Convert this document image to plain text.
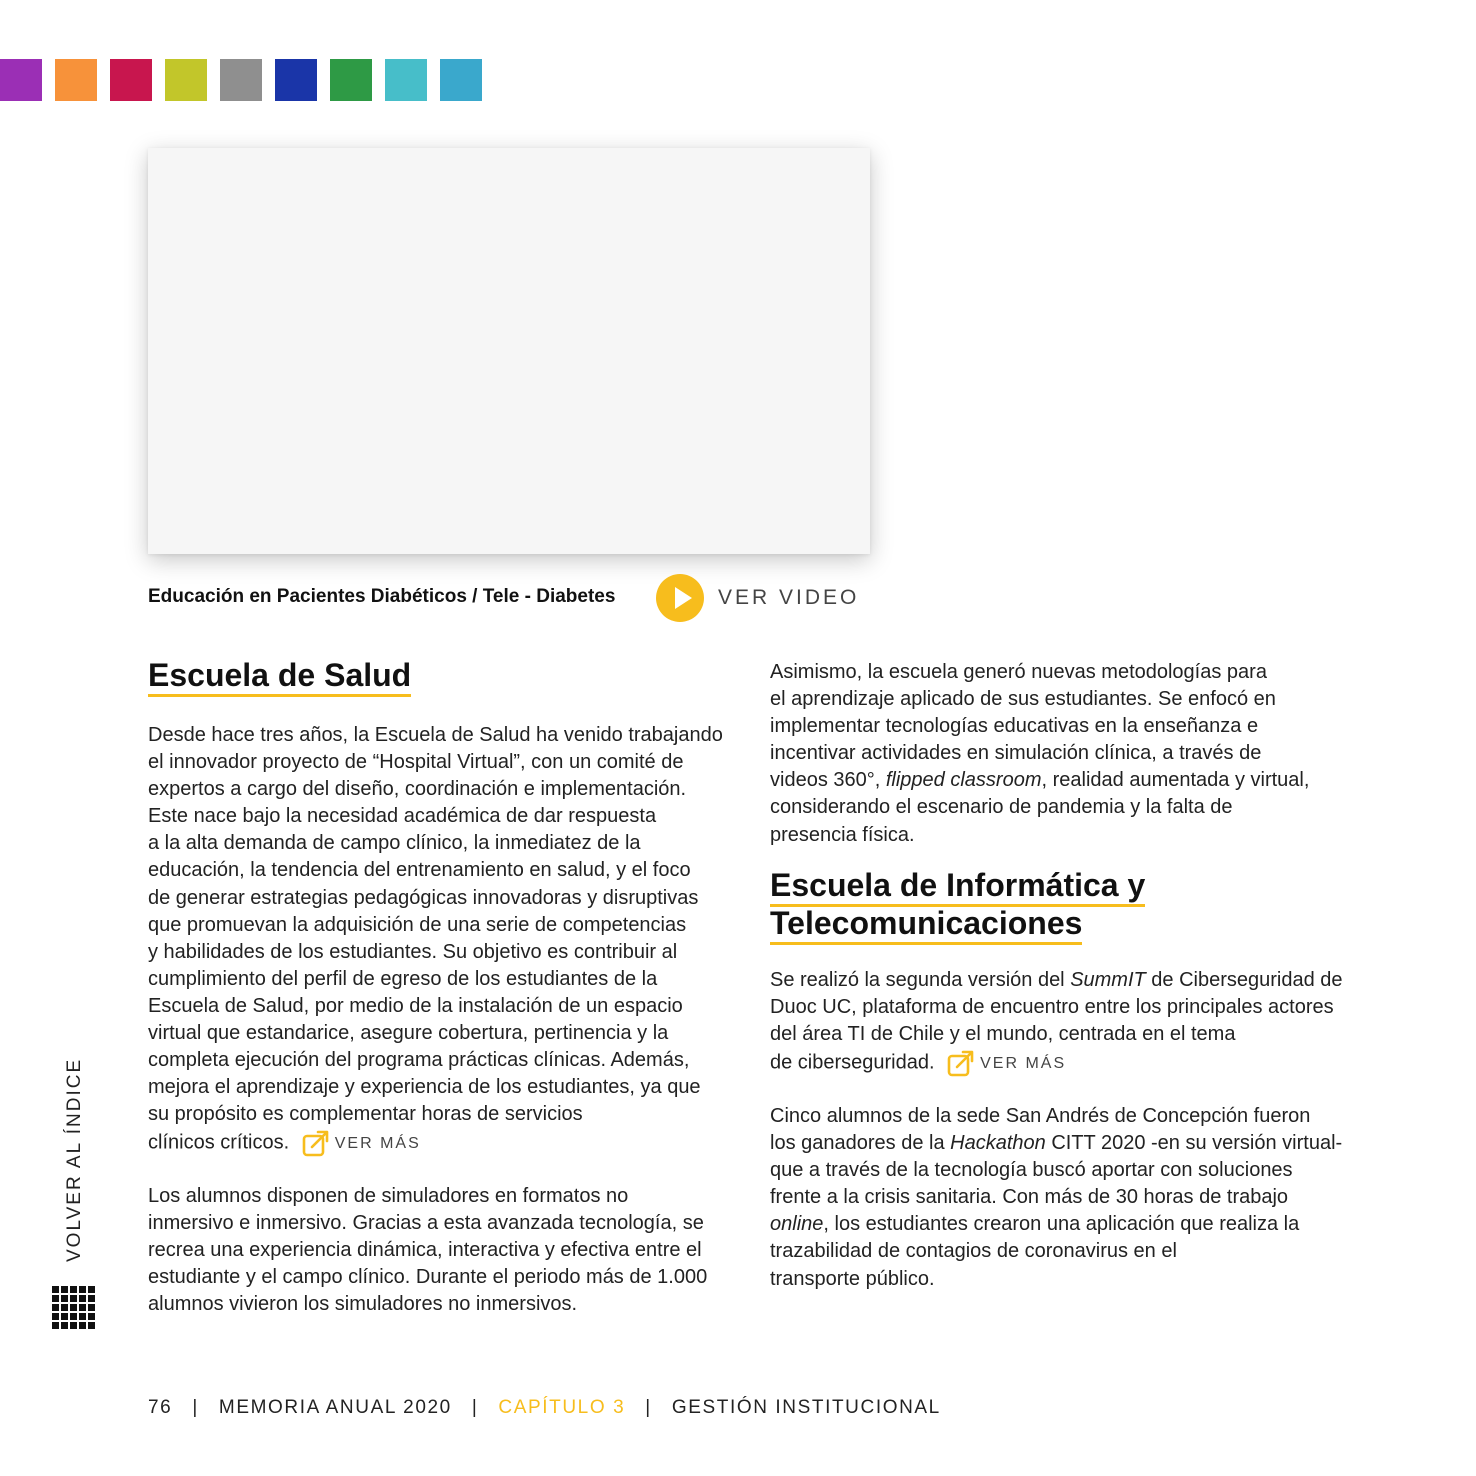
Educación en Pacientes Diabéticos / Tele - Diabetes	VER VIDEO
Escuela de Salud

Desde hace tres años, la Escuela de Salud ha venido trabajando
el innovador proyecto de “Hospital Virtual”, con un comité de
expertos a cargo del diseño, coordinación e implementación.
Este nace bajo la necesidad académica de dar respuesta
a la alta demanda de campo clínico, la inmediatez de la
educación, la tendencia del entrenamiento en salud, y el foco
de generar estrategias pedagógicas innovadoras y disruptivas
que promuevan la adquisición de una serie de competencias
y habilidades de los estudiantes. Su objetivo es contribuir al
cumplimiento del perfil de egreso de los estudiantes de la
Escuela de Salud, por medio de la instalación de un espacio
virtual que estandarice, asegure cobertura, pertinencia y la
completa ejecución del programa prácticas clínicas. Además,
mejora el aprendizaje y experiencia de los estudiantes, ya que
su propósito es complementar horas de servicios
clínicos críticos.	VER MÁS

Los alumnos disponen de simuladores en formatos no
inmersivo e inmersivo. Gracias a esta avanzada tecnología, se
recrea una experiencia dinámica, interactiva y efectiva entre el
estudiante y el campo clínico. Durante el periodo más de 1.000
alumnos vivieron los simuladores no inmersivos.

Asimismo, la escuela generó nuevas metodologías para
el aprendizaje aplicado de sus estudiantes. Se enfocó en
implementar tecnologías educativas en la enseñanza e
incentivar actividades en simulación clínica, a través de
videos 360°, flipped classroom, realidad aumentada y virtual,
considerando el escenario de pandemia y la falta de
presencia física.

Escuela de Informática y
Telecomunicaciones

Se realizó la segunda versión del SummIT de Ciberseguridad de
Duoc UC, plataforma de encuentro entre los principales actores
del área TI de Chile y el mundo, centrada en el tema
de ciberseguridad.	VER MÁS

Cinco alumnos de la sede San Andrés de Concepción fueron
los ganadores de la Hackathon CITT 2020 -en su versión virtual-
que a través de la tecnología buscó aportar con soluciones
frente a la crisis sanitaria. Con más de 30 horas de trabajo
online, los estudiantes crearon una aplicación que realiza la
trazabilidad de contagios de coronavirus en el
transporte público.

VOLVER AL ÍNDICE
76 | MEMORIA ANUAL 2020 | CAPÍTULO 3 | GESTIÓN INSTITUCIONAL
